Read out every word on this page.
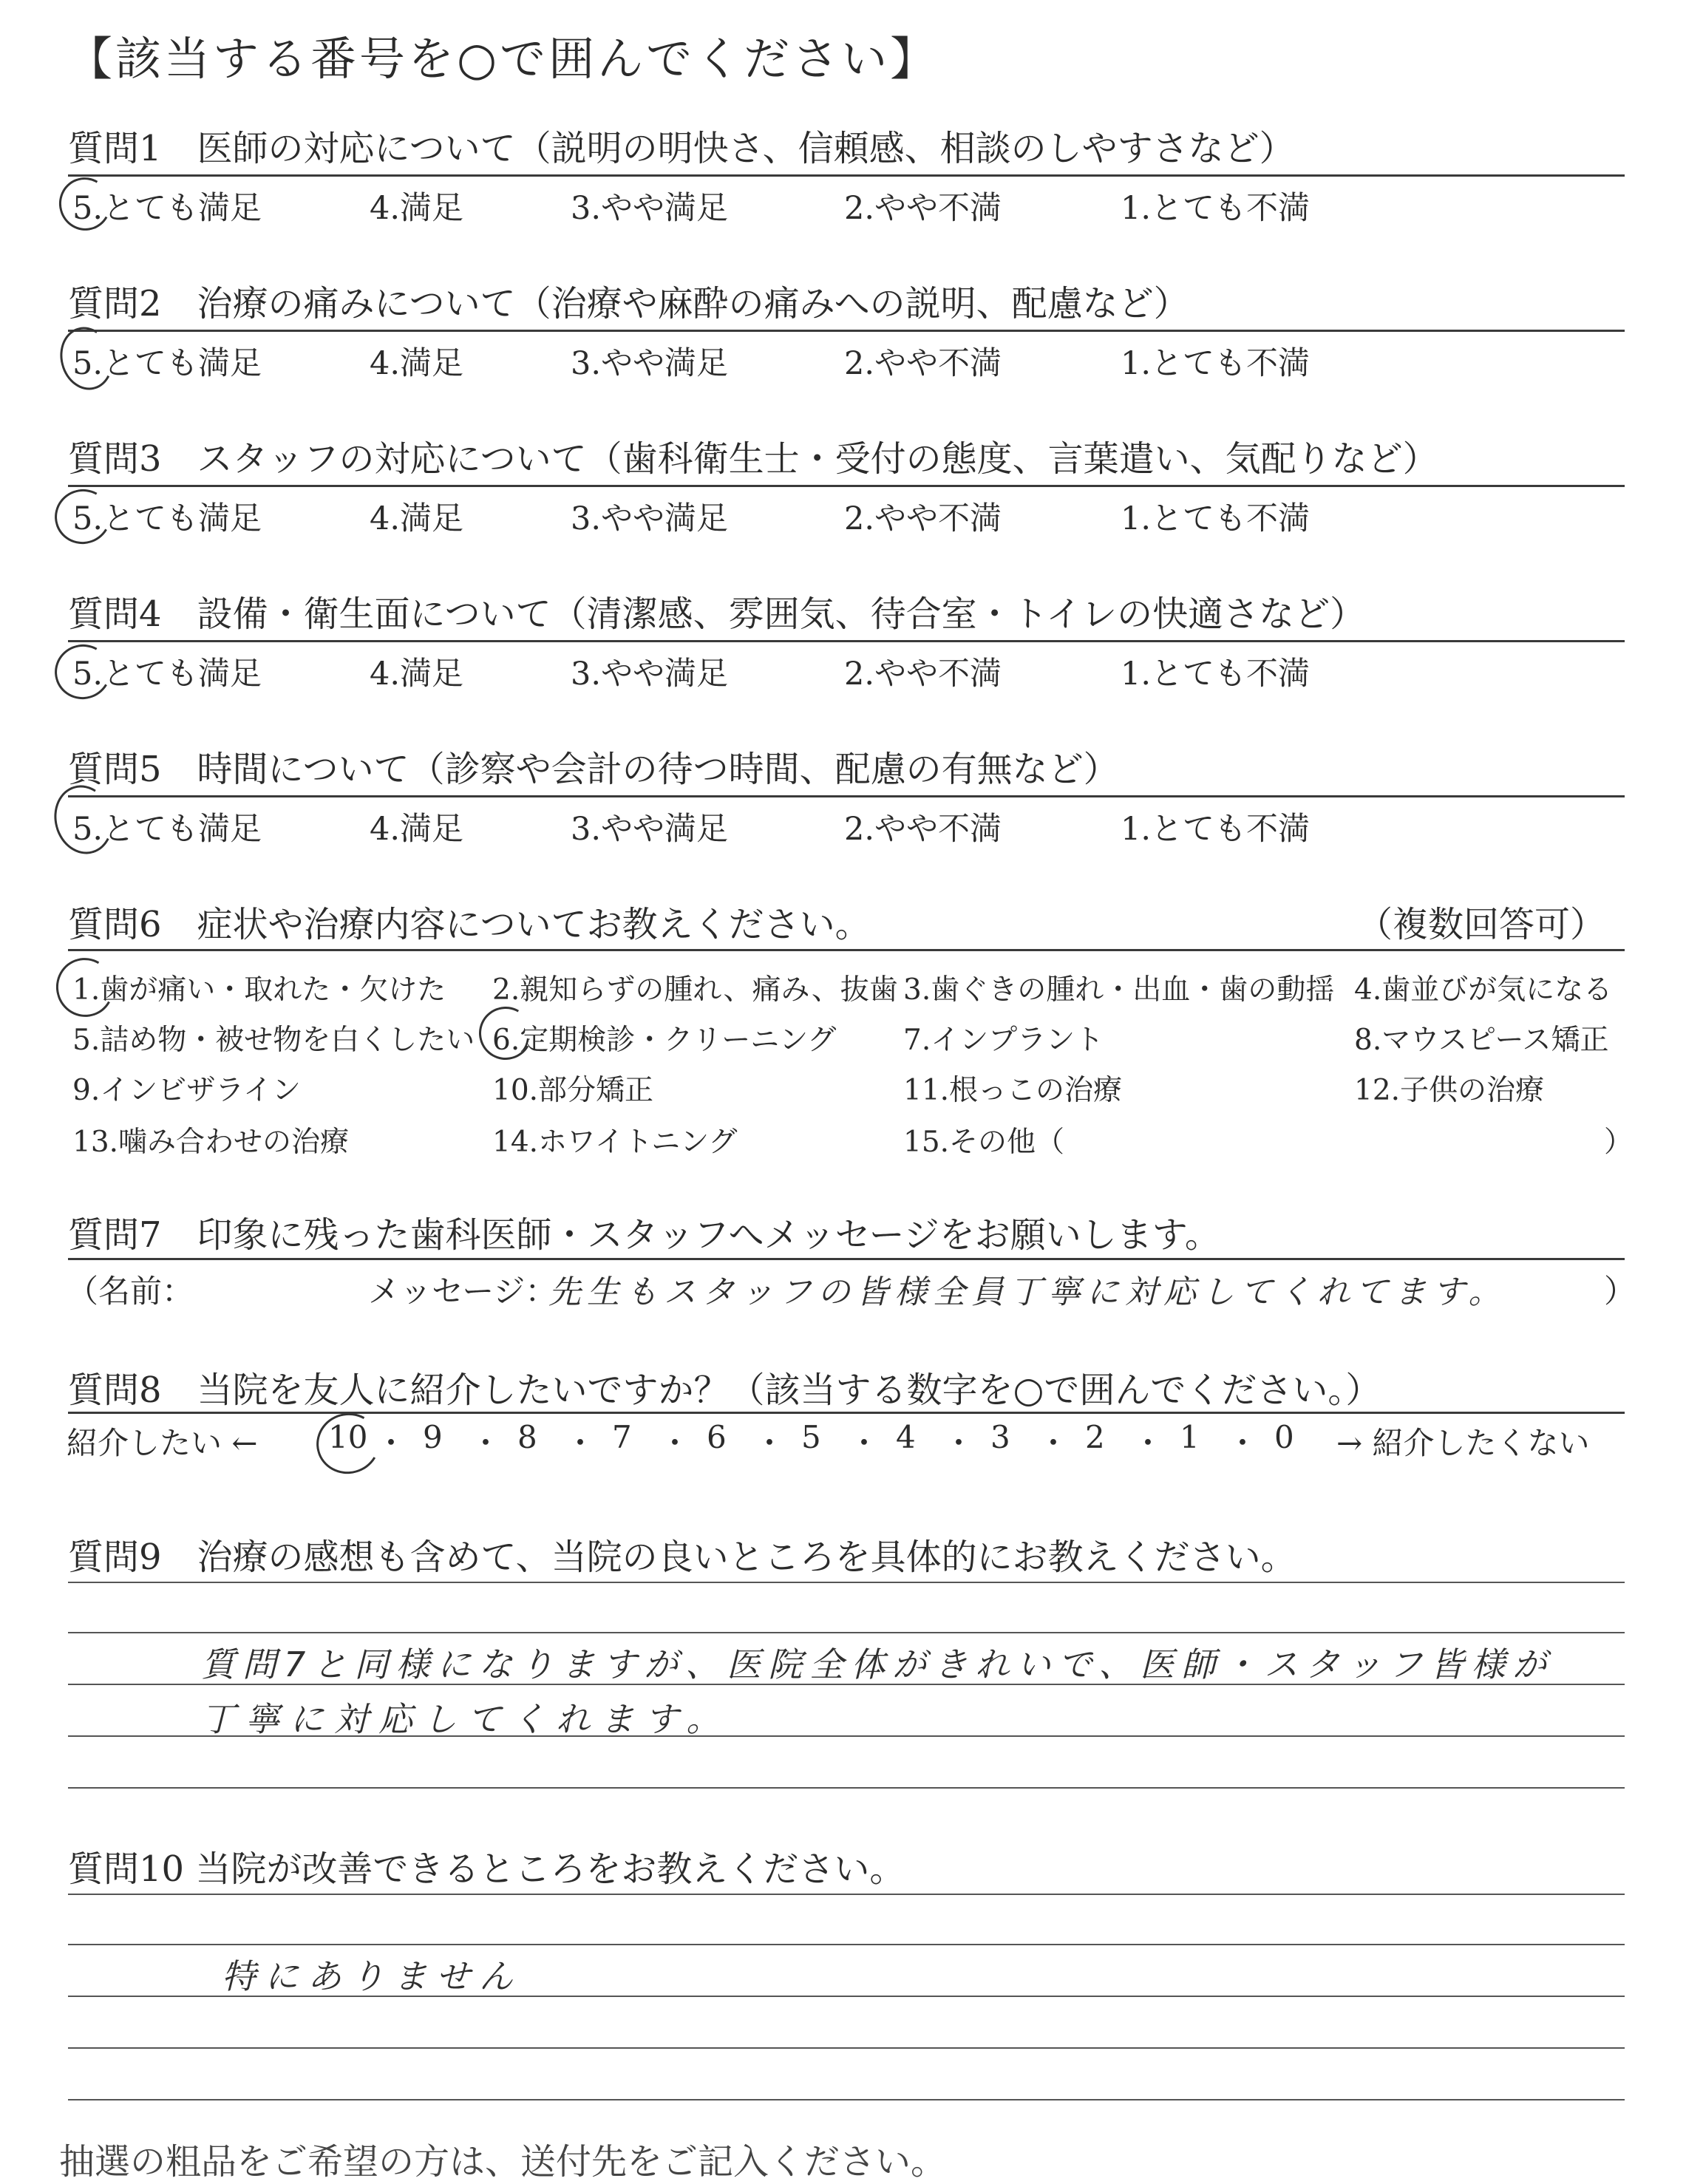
【該当する番号を○で囲んでください】
質問1　医師の対応について（説明の明快さ、信頼感、相談のしやすさなど）
5.とても満足	4.満足	3.やや満足	2.やや不満	1.とても不満
質問2　治療の痛みについて（治療や麻酔の痛みへの説明、配慮など）
5.とても満足	4.満足	3.やや満足	2.やや不満	1.とても不満
質問3　スタッフの対応について（歯科衛生士・受付の態度、言葉遣い、気配りなど）
5.とても満足	4.満足	3.やや満足	2.やや不満	1.とても不満
質問4　設備・衛生面について（清潔感、雰囲気、待合室・トイレの快適さなど）
5.とても満足	4.満足	3.やや満足	2.やや不満	1.とても不満
質問5　時間について（診察や会計の待つ時間、配慮の有無など）
5.とても満足	4.満足	3.やや満足	2.やや不満	1.とても不満
質問6　症状や治療内容についてお教えください。	（複数回答可）
1.歯が痛い・取れた・欠けた 2.親知らずの腫れ、痛み、抜歯 3.歯ぐきの腫れ・出血・歯の動揺 4.歯並びが気になる
5.詰め物・被せ物を白くしたい 6.定期検診・クリーニング 7.インプラント	8.マウスピース矯正
9.インビザライン	10.部分矯正	11.根っこの治療	12.子供の治療
13.噛み合わせの治療	14.ホワイトニング	15.その他（	）
質問7　印象に残った歯科医師・スタッフへメッセージをお願いします。
（名前：	メッセージ：
先生もスタッフの皆様全員丁寧に対応してくれてます。	）
質問8　当院を友人に紹介したいですか？（該当する数字を○で囲んでください。）
紹介したい ← 10 ・ 9 ・ 8 ・ 7 ・ 6 ・ 5 ・ 4 ・ 3 ・ 2 ・ 1 ・ 0 → 紹介したくない
質問9　治療の感想も含めて、当院の良いところを具体的にお教えください。
質問7と同様になりますが、医院全体がきれいで、医師・スタッフ皆様が
丁寧に対応してくれます。
質問10 当院が改善できるところをお教えください。
特にありません
抽選の粗品をご希望の方は、送付先をご記入ください。
